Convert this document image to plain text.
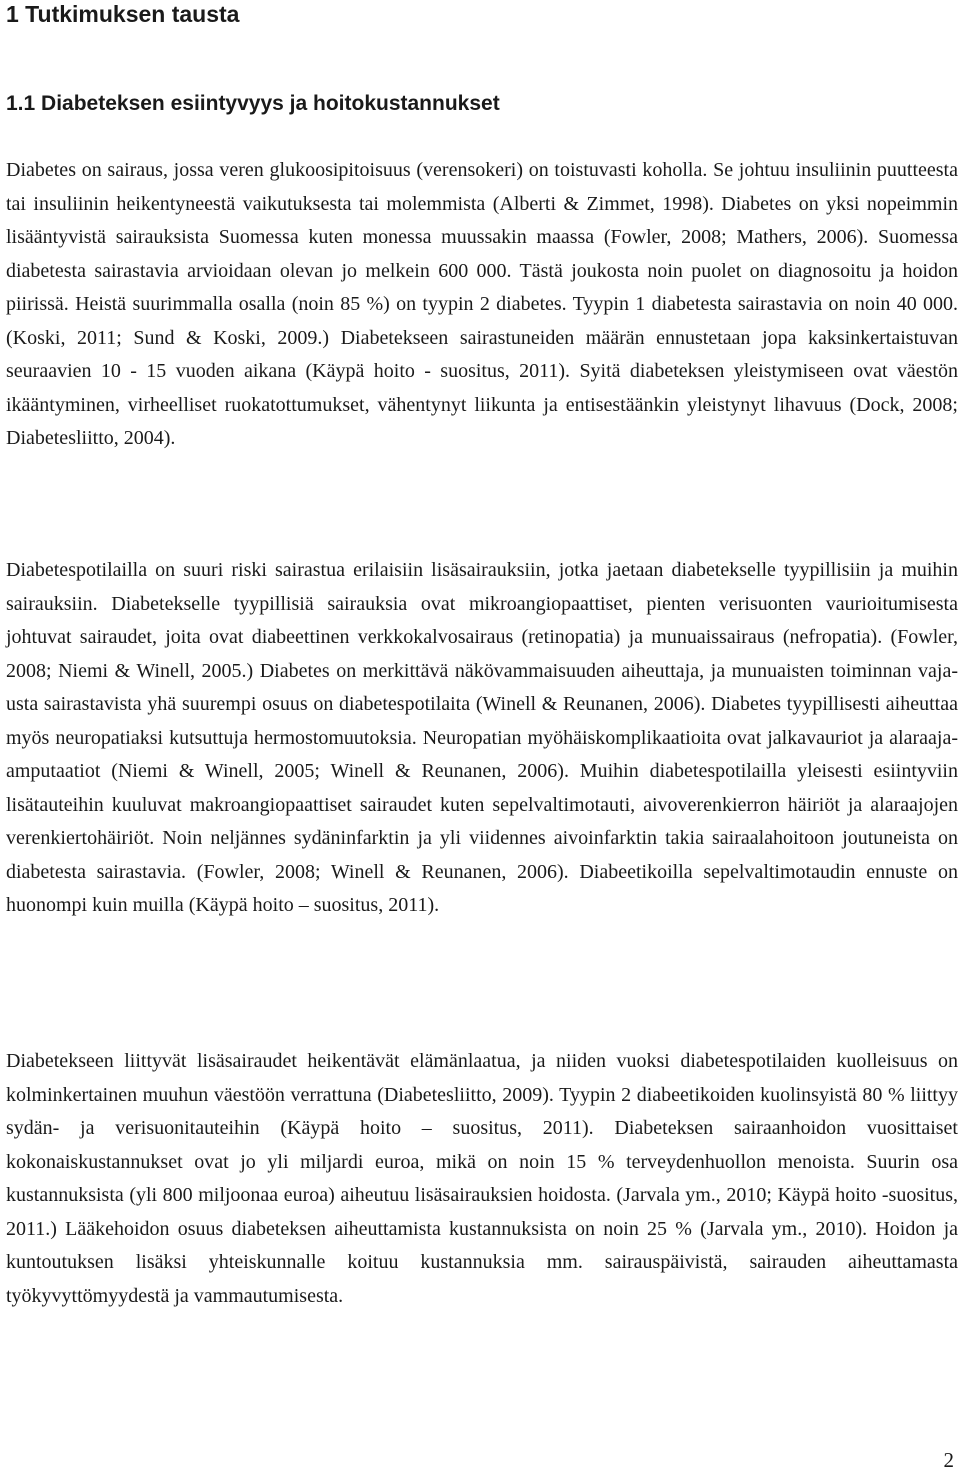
1 Tutkimuksen tausta
1.1 Diabeteksen esiintyvyys ja hoitokustannukset

Diabetes on sairaus, jossa veren glukoosipitoisuus (verensokeri) on toistuvasti koholla. Se johtuu insuliinin puutteesta tai insuliinin heikentyneestä vaikutuksesta tai molemmista (Alberti & Zimmet, 1998). Diabetes on yksi nopeimmin lisääntyvistä sairauksista Suomessa kuten monessa muussakin maassa (Fowler, 2008; Mathers, 2006). Suomessa diabetesta sairastavia arvioidaan olevan jo melkein 600 000. Tästä joukosta noin puolet on diagnosoitu ja hoidon piirissä. Heistä suurimmalla osalla (noin 85 %) on tyypin 2 diabetes. Tyypin 1 diabetesta sairastavia on noin 40 000. (Koski, 2011; Sund & Koski, 2009.) Diabetekseen sairastuneiden määrän ennustetaan jopa kaksinkertaistuvan seuraavien 10 - 15 vuoden aikana (Käypä hoito - suositus, 2011). Syitä diabeteksen yleistymiseen ovat väestön ikääntyminen, virheelliset ruokatottumukset, vähentynyt liikunta ja entisestäänkin yleistynyt lihavuus (Dock, 2008; Diabetesliitto, 2004).

Diabetespotilailla on suuri riski sairastua erilaisiin lisäsairauksiin, jotka jaetaan diabetekselle tyypillisiin ja muihin sairauksiin. Diabetekselle tyypillisiä sairauksia ovat mikroangiopaattiset, pienten verisuonten vaurioitumisesta johtuvat sairaudet, joita ovat diabeettinen verkkokalvosairaus (retinopatia) ja munuaissairaus (nefropatia). (Fowler, 2008; Niemi & Winell, 2005.) Diabetes on merkittävä näkövammaisuuden aiheuttaja, ja munuaisten toiminnan vajausta sairastavista yhä suurempi osuus on diabetespotilaita (Winell & Reunanen, 2006). Diabetes tyypillisesti aiheuttaa myös neuropatiaksi kutsuttuja hermostomuutoksia. Neuropatian myöhäiskomplikaatioita ovat jalkavauriot ja alaraaja-amputaatiot (Niemi & Winell, 2005; Winell & Reunanen, 2006). Muihin diabetespotilailla yleisesti esiintyviin lisätauteihin kuuluvat makroangiopaattiset sairaudet kuten sepelvaltimotauti, aivoverenkierron häiriöt ja alaraajojen verenkiertohäiriöt. Noin neljännes sydäninfarktin ja yli viidennes aivoinfarktin takia sairaalahoitoon joutuneista on diabetesta sairastavia. (Fowler, 2008; Winell & Reunanen, 2006). Diabeetikoilla sepelvaltimotaudin ennuste on huonompi kuin muilla (Käypä hoito – suositus, 2011).

Diabetekseen liittyvät lisäsairaudet heikentävät elämänlaatua, ja niiden vuoksi diabetespotilaiden kuolleisuus on kolminkertainen muuhun väestöön verrattuna (Diabetesliitto, 2009). Tyypin 2 diabeetikoiden kuolinsyistä 80 % liittyy sydän- ja verisuonitauteihin (Käypä hoito – suositus, 2011). Diabeteksen sairaanhoidon vuosittaiset kokonaiskustannukset ovat jo yli miljardi euroa, mikä on noin 15 % terveydenhuollon menoista. Suurin osa kustannuksista (yli 800 miljoonaa euroa) aiheutuu lisäsairauksien hoidosta. (Jarvala ym., 2010; Käypä hoito -suositus, 2011.) Lääkehoidon osuus diabeteksen aiheuttamista kustannuksista on noin 25 % (Jarvala ym., 2010). Hoidon ja kuntoutuksen lisäksi yhteiskunnalle koituu kustannuksia mm. sairauspäivistä, sairauden aiheuttamasta työkyvyttömyydestä ja vammautumisesta.

2
